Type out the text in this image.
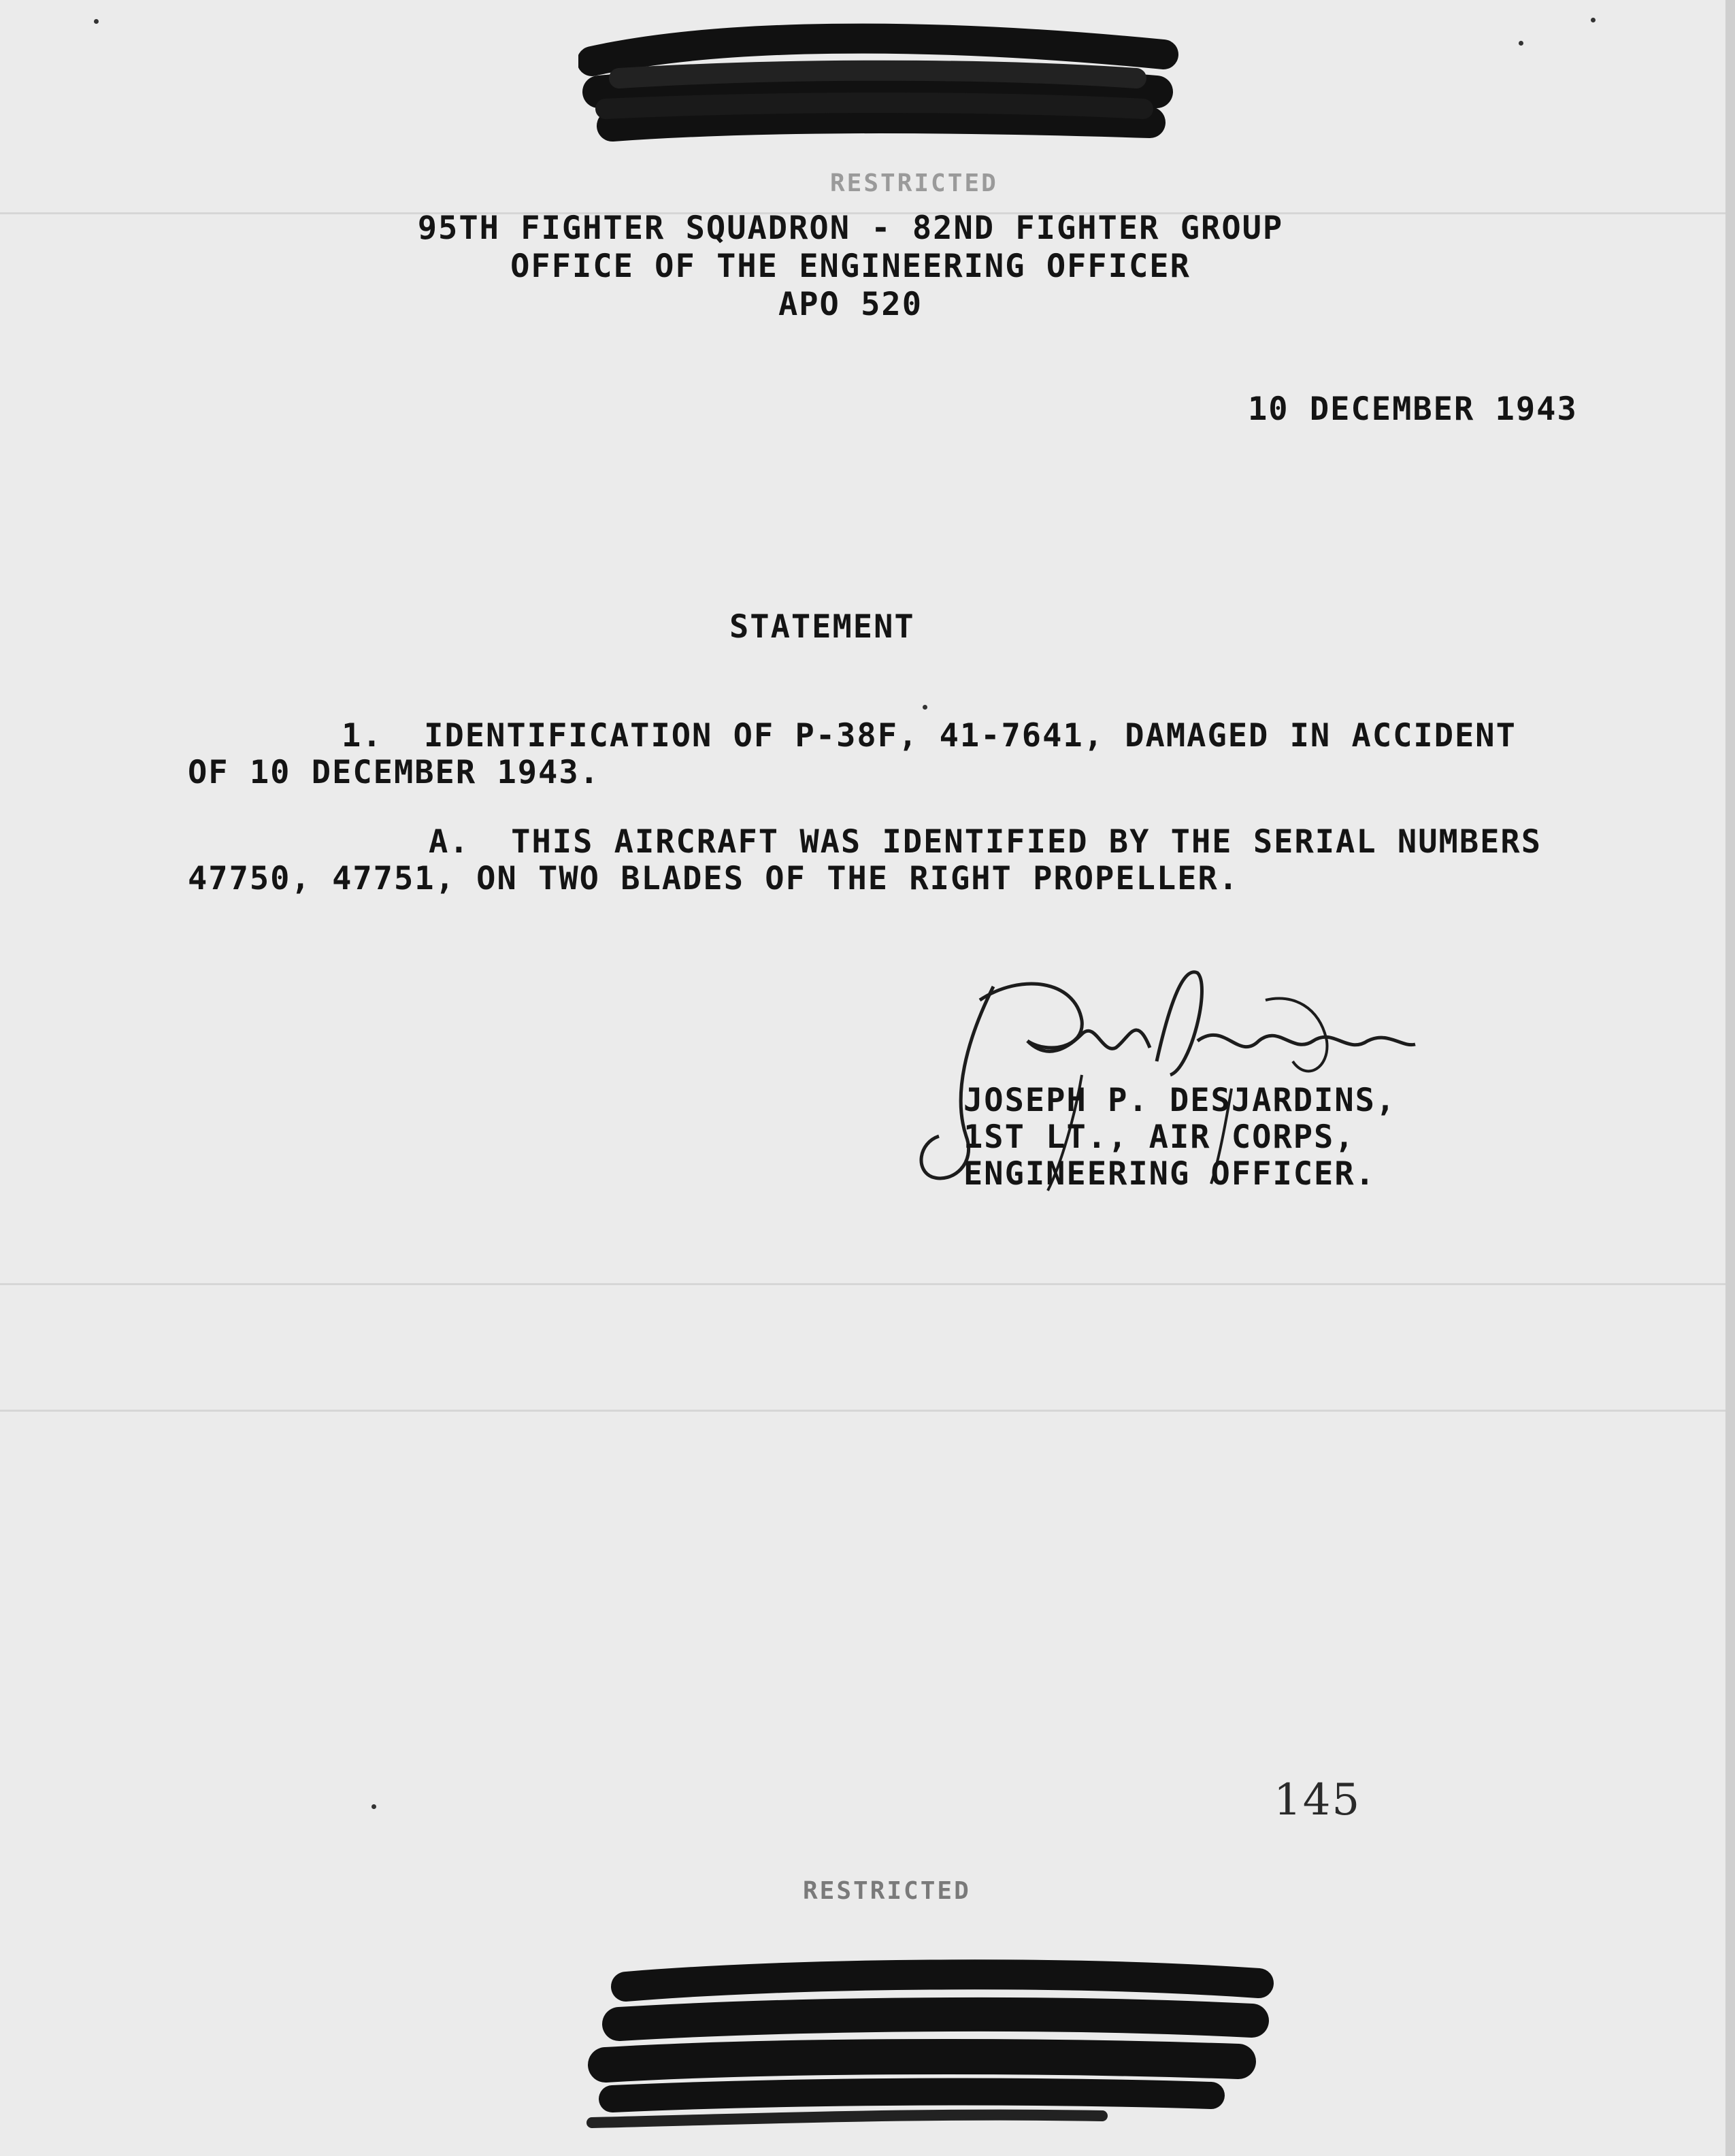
RESTRICTED
95TH FIGHTER SQUADRON - 82ND FIGHTER GROUP
OFFICE OF THE ENGINEERING OFFICER
APO 520
10 DECEMBER 1943
STATEMENT
1.  IDENTIFICATION OF P-38F, 41-7641, DAMAGED IN ACCIDENT
OF 10 DECEMBER 1943.
A.  THIS AIRCRAFT WAS IDENTIFIED BY THE SERIAL NUMBERS
47750, 47751, ON TWO BLADES OF THE RIGHT PROPELLER.
JOSEPH P. DESJARDINS,
1ST LT., AIR CORPS,
ENGINEERING OFFICER.
145
RESTRICTED
